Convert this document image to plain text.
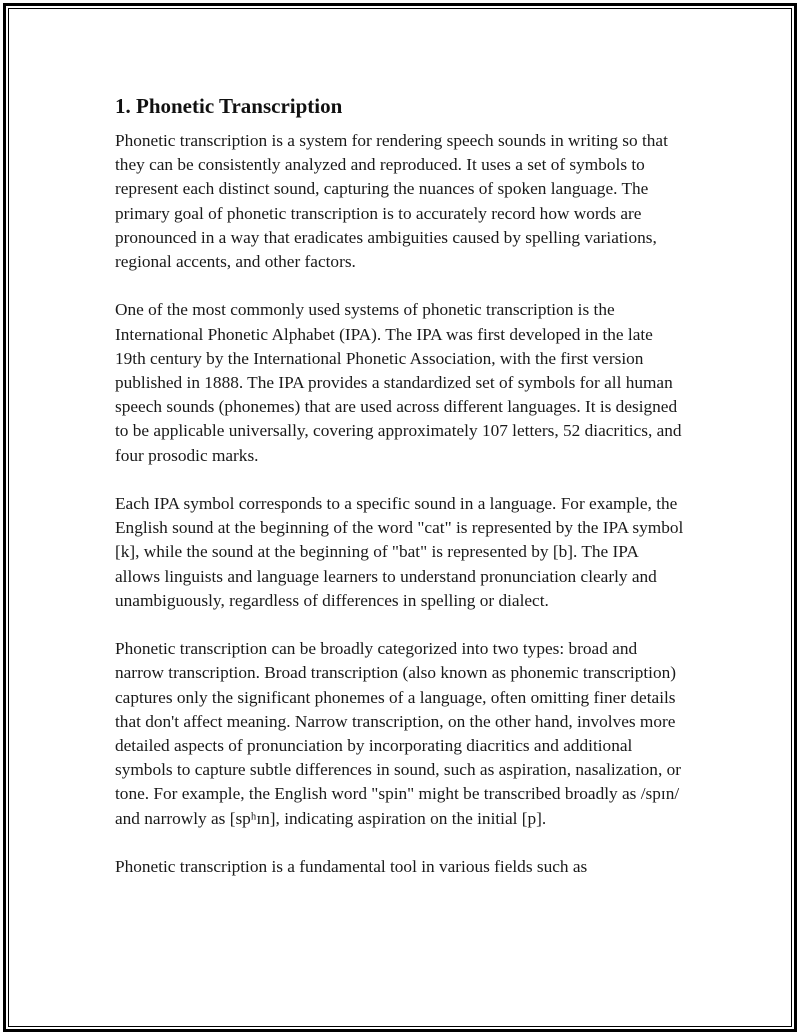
1. Phonetic Transcription

Phonetic transcription is a system for rendering speech sounds in writing so that they can be consistently analyzed and reproduced. It uses a set of symbols to represent each distinct sound, capturing the nuances of spoken language. The primary goal of phonetic transcription is to accurately record how words are pronounced in a way that eradicates ambiguities caused by spelling variations, regional accents, and other factors.

One of the most commonly used systems of phonetic transcription is the International Phonetic Alphabet (IPA). The IPA was first developed in the late 19th century by the International Phonetic Association, with the first version published in 1888. The IPA provides a standardized set of symbols for all human speech sounds (phonemes) that are used across different languages. It is designed to be applicable universally, covering approximately 107 letters, 52 diacritics, and four prosodic marks.

Each IPA symbol corresponds to a specific sound in a language. For example, the English sound at the beginning of the word "cat" is represented by the IPA symbol [k], while the sound at the beginning of "bat" is represented by [b]. The IPA allows linguists and language learners to understand pronunciation clearly and unambiguously, regardless of differences in spelling or dialect.

Phonetic transcription can be broadly categorized into two types: broad and narrow transcription. Broad transcription (also known as phonemic transcription) captures only the significant phonemes of a language, often omitting finer details that don't affect meaning. Narrow transcription, on the other hand, involves more detailed aspects of pronunciation by incorporating diacritics and additional symbols to capture subtle differences in sound, such as aspiration, nasalization, or tone. For example, the English word "spin" might be transcribed broadly as /spɪn/ and narrowly as [spʰɪn], indicating aspiration on the initial [p].

Phonetic transcription is a fundamental tool in various fields such as
